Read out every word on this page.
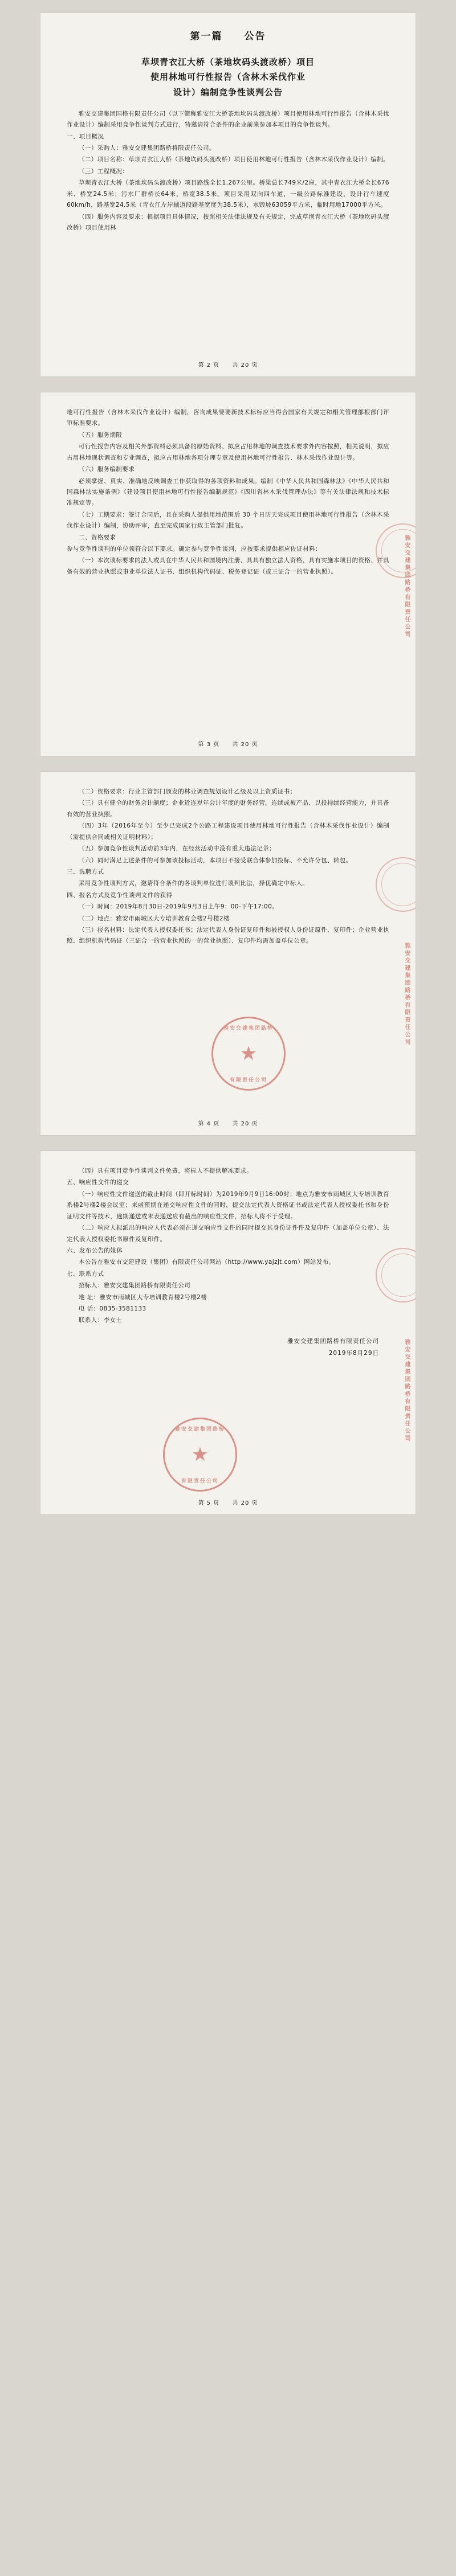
第一篇 公告
草坝青衣江大桥（茶地坎码头渡改桥）项目
使用林地可行性报告（含林木采伐作业
设计）编制竞争性谈判公告

雅安交建集团国格有限责任公司（以下简称雅安江大桥茶地坎码头渡改桥）项目使用林地可行性报告（含林木采伐作业设计）编制采用竞争性谈判方式进行，特邀请符合条件的企业前来参加本项目的竞争性谈判。

一、项目概况

（一）采购人：雅安交建集团路桥将限责任公司。

（二）项目名称：草坝青衣江大桥（茶地坎码头渡改桥）项目使用林地可行性报告（含林木采伐作业设计）编制。

（三）工程概况：

草坝青衣江大桥（茶地坎码头渡改桥）项目路线全长1.267公里。桥梁总长749米/2座，其中青衣江大桥全长676米、桥宽24.5米；污水厂群桥长64米、桥宽38.5米。项目采用双向四车道，一级公路标准建设，设计行车速度60km/h，路基宽24.5米（青衣江左岸辅道段路基宽度为38.5米），水毁坡63059平方米，临时用地17000平方米。

（四）服务内容及要求：根据项目具体情况，按照相关法律法规及有关规定，完成草坝青衣江大桥（茶地坎码头渡改桥）项目使用林

第 2 页 共 20 页
雅安交建集团路桥有限责任公司

地可行性报告（含林木采伐作业设计）编制，咨询成果要要新技术标标应当得合国家有关规定和相关管理部根部门评审标准要求。

（五）服务期限

可行性报告内容及相关外部资料必须具备的原始资料、拟应占用林地的调查技术要求外内容按照，相关说明，拟应占用林地现状调查和专业调查，拟应占用林地各项分理专章及使用林地可行性报告、林木采伐作业设计等。

（六）服务编制要求

必须掌握、真实、准确地反映调查工作获取得的各项资料和成果。编制《中华人民共和国森林法》《中华人民共和国森林法实施条例》《建设项目使用林地可行性报告编制规范》《四川省林木采伐管理办法》等有关法律法规和技术标准规定等。

（七）工期要求：签订合同后，且在采购人提供用地范围后 30 个日历天完成项目使用林地可行性报告（含林木采伐作业设计）编制，协助评审，直至完成国家行政主管部门批复。

二、资格要求

参与竞争性谈判的单位须符合以下要求。确定参与竞争性谈判，应按要求提供相应佐证材料：

（一）本次谈标要求的法人或具在中华人民共和国境内注册、具具有独立法人资格、具有实施本项目的资格、并具备有效的营业执照或事业单位法人证书、组织机构代码证、税务登记证（或三证合一的营业执照）。

第 3 页 共 20 页
雅安交建集团路桥有限责任公司
雅安交建集团路桥
★
有限责任公司

（二）资格要求：行业主管部门颁发的林业调查规划设计乙级及以上资质证书；

（三）具有健全的财务会计制度；企业近连岁年会计年度的财务经营，连续或被产品、以投持续经营能力，并具备有效的营业执照。

（四）3年（2016年至今）至少已完成2个公路工程建设项目使用林地可行性报告（含林木采伐作业设计）编制（需提供合同或相关证明材料）；

（五）参加竞争性谈判活动前3年内，在经营活动中没有重大违法记录；

（六）同时满足上述条件的可参加该投标活动，本项目不接受联合体参加投标、不允许分包、转包。

三、选聘方式

采用竞争性谈判方式，邀请符合条件的各谈判单位进行谈判比法，择优确定中标人。

四、报名方式及竞争性谈判文件的获得

（一）时间：2019年8月30日-2019年9月3日上午9：00-下午17:00。

（二）地点：雅安市雨城区大专培训教育会楼2号楼2楼

（三）报名材料：法定代表人授权委托书；法定代表人身份证复印件和被授权人身份证原件、复印件；企业营业执照、组织机构代码证（三证合一的营业执照的一的营业执照）、复印件均需加盖单位公章。

第 4 页 共 20 页
雅安交建集团路桥有限责任公司
雅安交建集团路桥
★
有限责任公司

（四）具有项目竞争性谈判文件免费，将标人不提供解冻要求。

五、响应性文件的递交

（一）响应性文件递送的截止时间（即开标时间）为2019年9月9日16:00时；地点为雅安市雨城区大专培训教育系楼2号楼2楼会议室；来函预期在递交响应性文件的同时，提交法定代表人资格证书或法定代表人授权委托书和身份证明文件等技术，逾期递送或未表递送应有截出的响应性文件，招标人将不于受理。

（二）响应人拟派出的响应人代表必须在递交响应性文件的同时提交其身份证件件及复印件（加盖单位公章）、法定代表人授权委托书原件及复印件。

六、发布公告的媒体

本公告在雅安市交建建设（集团）有限责任公司网站（http://www.yajzjt.com）网站发布。

七、联系方式

招标人：雅安交建集团路桥有限责任公司

地 址：雅安市雨城区大专培训教育楼2号楼2楼

电 话：0835-3581133

联系人：李女士

雅安交建集团路桥有限责任公司
2019年8月29日
第 5 页 共 20 页
